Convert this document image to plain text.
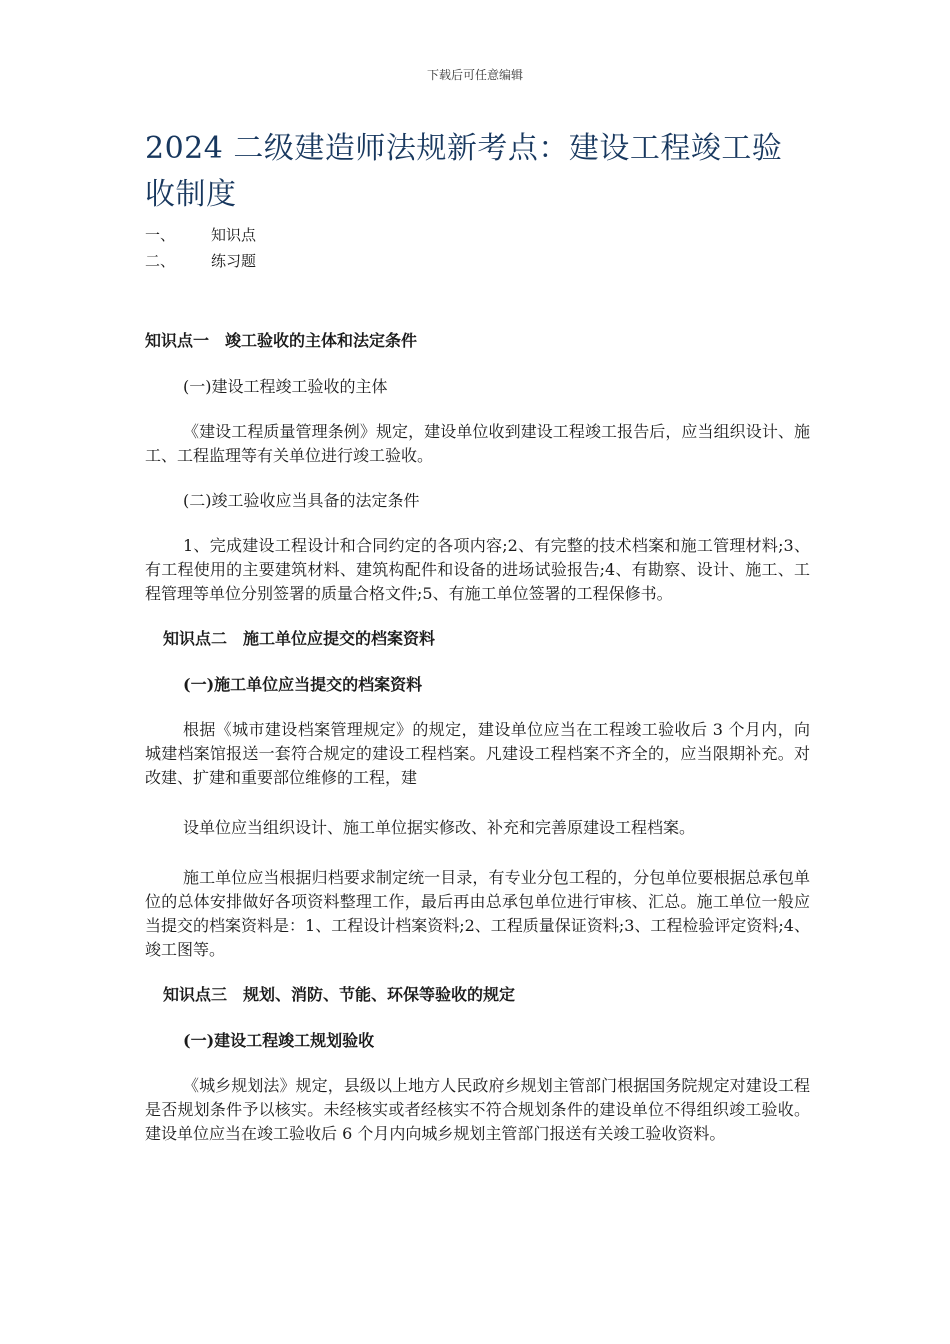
下载后可任意编辑
2024 二级建造师法规新考点：建设工程竣工验收制度
一、	知识点
二、	练习题

知识点一　竣工验收的主体和法定条件

(一)建设工程竣工验收的主体

《建设工程质量管理条例》规定，建设单位收到建设工程竣工报告后，应当组织设计、施工、工程监理等有关单位进行竣工验收。

(二)竣工验收应当具备的法定条件

1、完成建设工程设计和合同约定的各项内容;2、有完整的技术档案和施工管理材料;3、有工程使用的主要建筑材料、建筑构配件和设备的进场试验报告;4、有勘察、设计、施工、工程管理等单位分别签署的质量合格文件;5、有施工单位签署的工程保修书。

知识点二　施工单位应提交的档案资料

(一)施工单位应当提交的档案资料

根据《城市建设档案管理规定》的规定，建设单位应当在工程竣工验收后 3 个月内，向城建档案馆报送一套符合规定的建设工程档案。凡建设工程档案不齐全的，应当限期补充。对改建、扩建和重要部位维修的工程，建

设单位应当组织设计、施工单位据实修改、补充和完善原建设工程档案。

施工单位应当根据归档要求制定统一目录，有专业分包工程的，分包单位要根据总承包单位的总体安排做好各项资料整理工作，最后再由总承包单位进行审核、汇总。施工单位一般应当提交的档案资料是：1、工程设计档案资料;2、工程质量保证资料;3、工程检验评定资料;4、竣工图等。

知识点三　规划、消防、节能、环保等验收的规定

(一)建设工程竣工规划验收

《城乡规划法》规定，县级以上地方人民政府乡规划主管部门根据国务院规定对建设工程是否规划条件予以核实。未经核实或者经核实不符合规划条件的建设单位不得组织竣工验收。建设单位应当在竣工验收后 6 个月内向城乡规划主管部门报送有关竣工验收资料。
